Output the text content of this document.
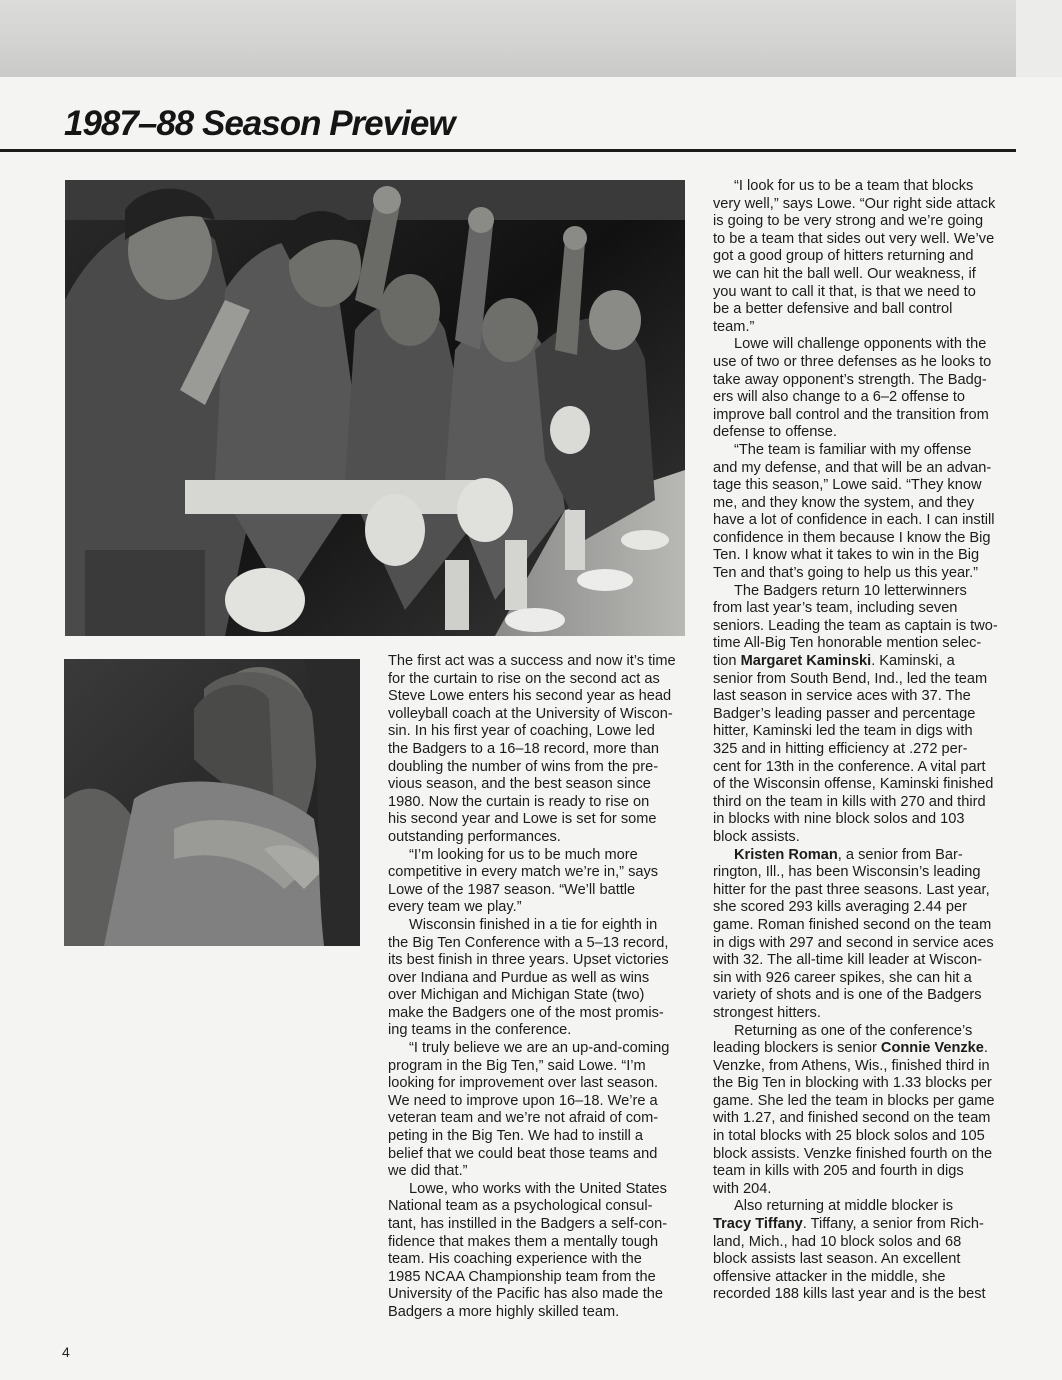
1987–88 Season Preview
The first act was a success and now it’s time
for the curtain to rise on the second act as
Steve Lowe enters his second year as head
volleyball coach at the University of Wiscon-
sin. In his first year of coaching, Lowe led
the Badgers to a 16–18 record, more than
doubling the number of wins from the pre-
vious season, and the best season since
1980. Now the curtain is ready to rise on
his second year and Lowe is set for some
outstanding performances.
“I’m looking for us to be much more
competitive in every match we’re in,” says
Lowe of the 1987 season. “We’ll battle
every team we play.”
Wisconsin finished in a tie for eighth in
the Big Ten Conference with a 5–13 record,
its best finish in three years. Upset victories
over Indiana and Purdue as well as wins
over Michigan and Michigan State (two)
make the Badgers one of the most promis-
ing teams in the conference.
“I truly believe we are an up-and-coming
program in the Big Ten,” said Lowe. “I’m
looking for improvement over last season.
We need to improve upon 16–18. We’re a
veteran team and we’re not afraid of com-
peting in the Big Ten. We had to instill a
belief that we could beat those teams and
we did that.”
Lowe, who works with the United States
National team as a psychological consul-
tant, has instilled in the Badgers a self-con-
fidence that makes them a mentally tough
team. His coaching experience with the
1985 NCAA Championship team from the
University of the Pacific has also made the
Badgers a more highly skilled team.
“I look for us to be a team that blocks
very well,” says Lowe. “Our right side attack
is going to be very strong and we’re going
to be a team that sides out very well. We’ve
got a good group of hitters returning and
we can hit the ball well. Our weakness, if
you want to call it that, is that we need to
be a better defensive and ball control
team.”
Lowe will challenge opponents with the
use of two or three defenses as he looks to
take away opponent’s strength. The Badg-
ers will also change to a 6–2 offense to
improve ball control and the transition from
defense to offense.
“The team is familiar with my offense
and my defense, and that will be an advan-
tage this season,” Lowe said. “They know
me, and they know the system, and they
have a lot of confidence in each. I can instill
confidence in them because I know the Big
Ten. I know what it takes to win in the Big
Ten and that’s going to help us this year.”
The Badgers return 10 letterwinners
from last year’s team, including seven
seniors. Leading the team as captain is two-
time All-Big Ten honorable mention selec-
tion Margaret Kaminski. Kaminski, a
senior from South Bend, Ind., led the team
last season in service aces with 37. The
Badger’s leading passer and percentage
hitter, Kaminski led the team in digs with
325 and in hitting efficiency at .272 per-
cent for 13th in the conference. A vital part
of the Wisconsin offense, Kaminski finished
third on the team in kills with 270 and third
in blocks with nine block solos and 103
block assists.
Kristen Roman, a senior from Bar-
rington, Ill., has been Wisconsin’s leading
hitter for the past three seasons. Last year,
she scored 293 kills averaging 2.44 per
game. Roman finished second on the team
in digs with 297 and second in service aces
with 32. The all-time kill leader at Wiscon-
sin with 926 career spikes, she can hit a
variety of shots and is one of the Badgers
strongest hitters.
Returning as one of the conference’s
leading blockers is senior Connie Venzke.
Venzke, from Athens, Wis., finished third in
the Big Ten in blocking with 1.33 blocks per
game. She led the team in blocks per game
with 1.27, and finished second on the team
in total blocks with 25 block solos and 105
block assists. Venzke finished fourth on the
team in kills with 205 and fourth in digs
with 204.
Also returning at middle blocker is
Tracy Tiffany. Tiffany, a senior from Rich-
land, Mich., had 10 block solos and 68
block assists last season. An excellent
offensive attacker in the middle, she
recorded 188 kills last year and is the best
4
